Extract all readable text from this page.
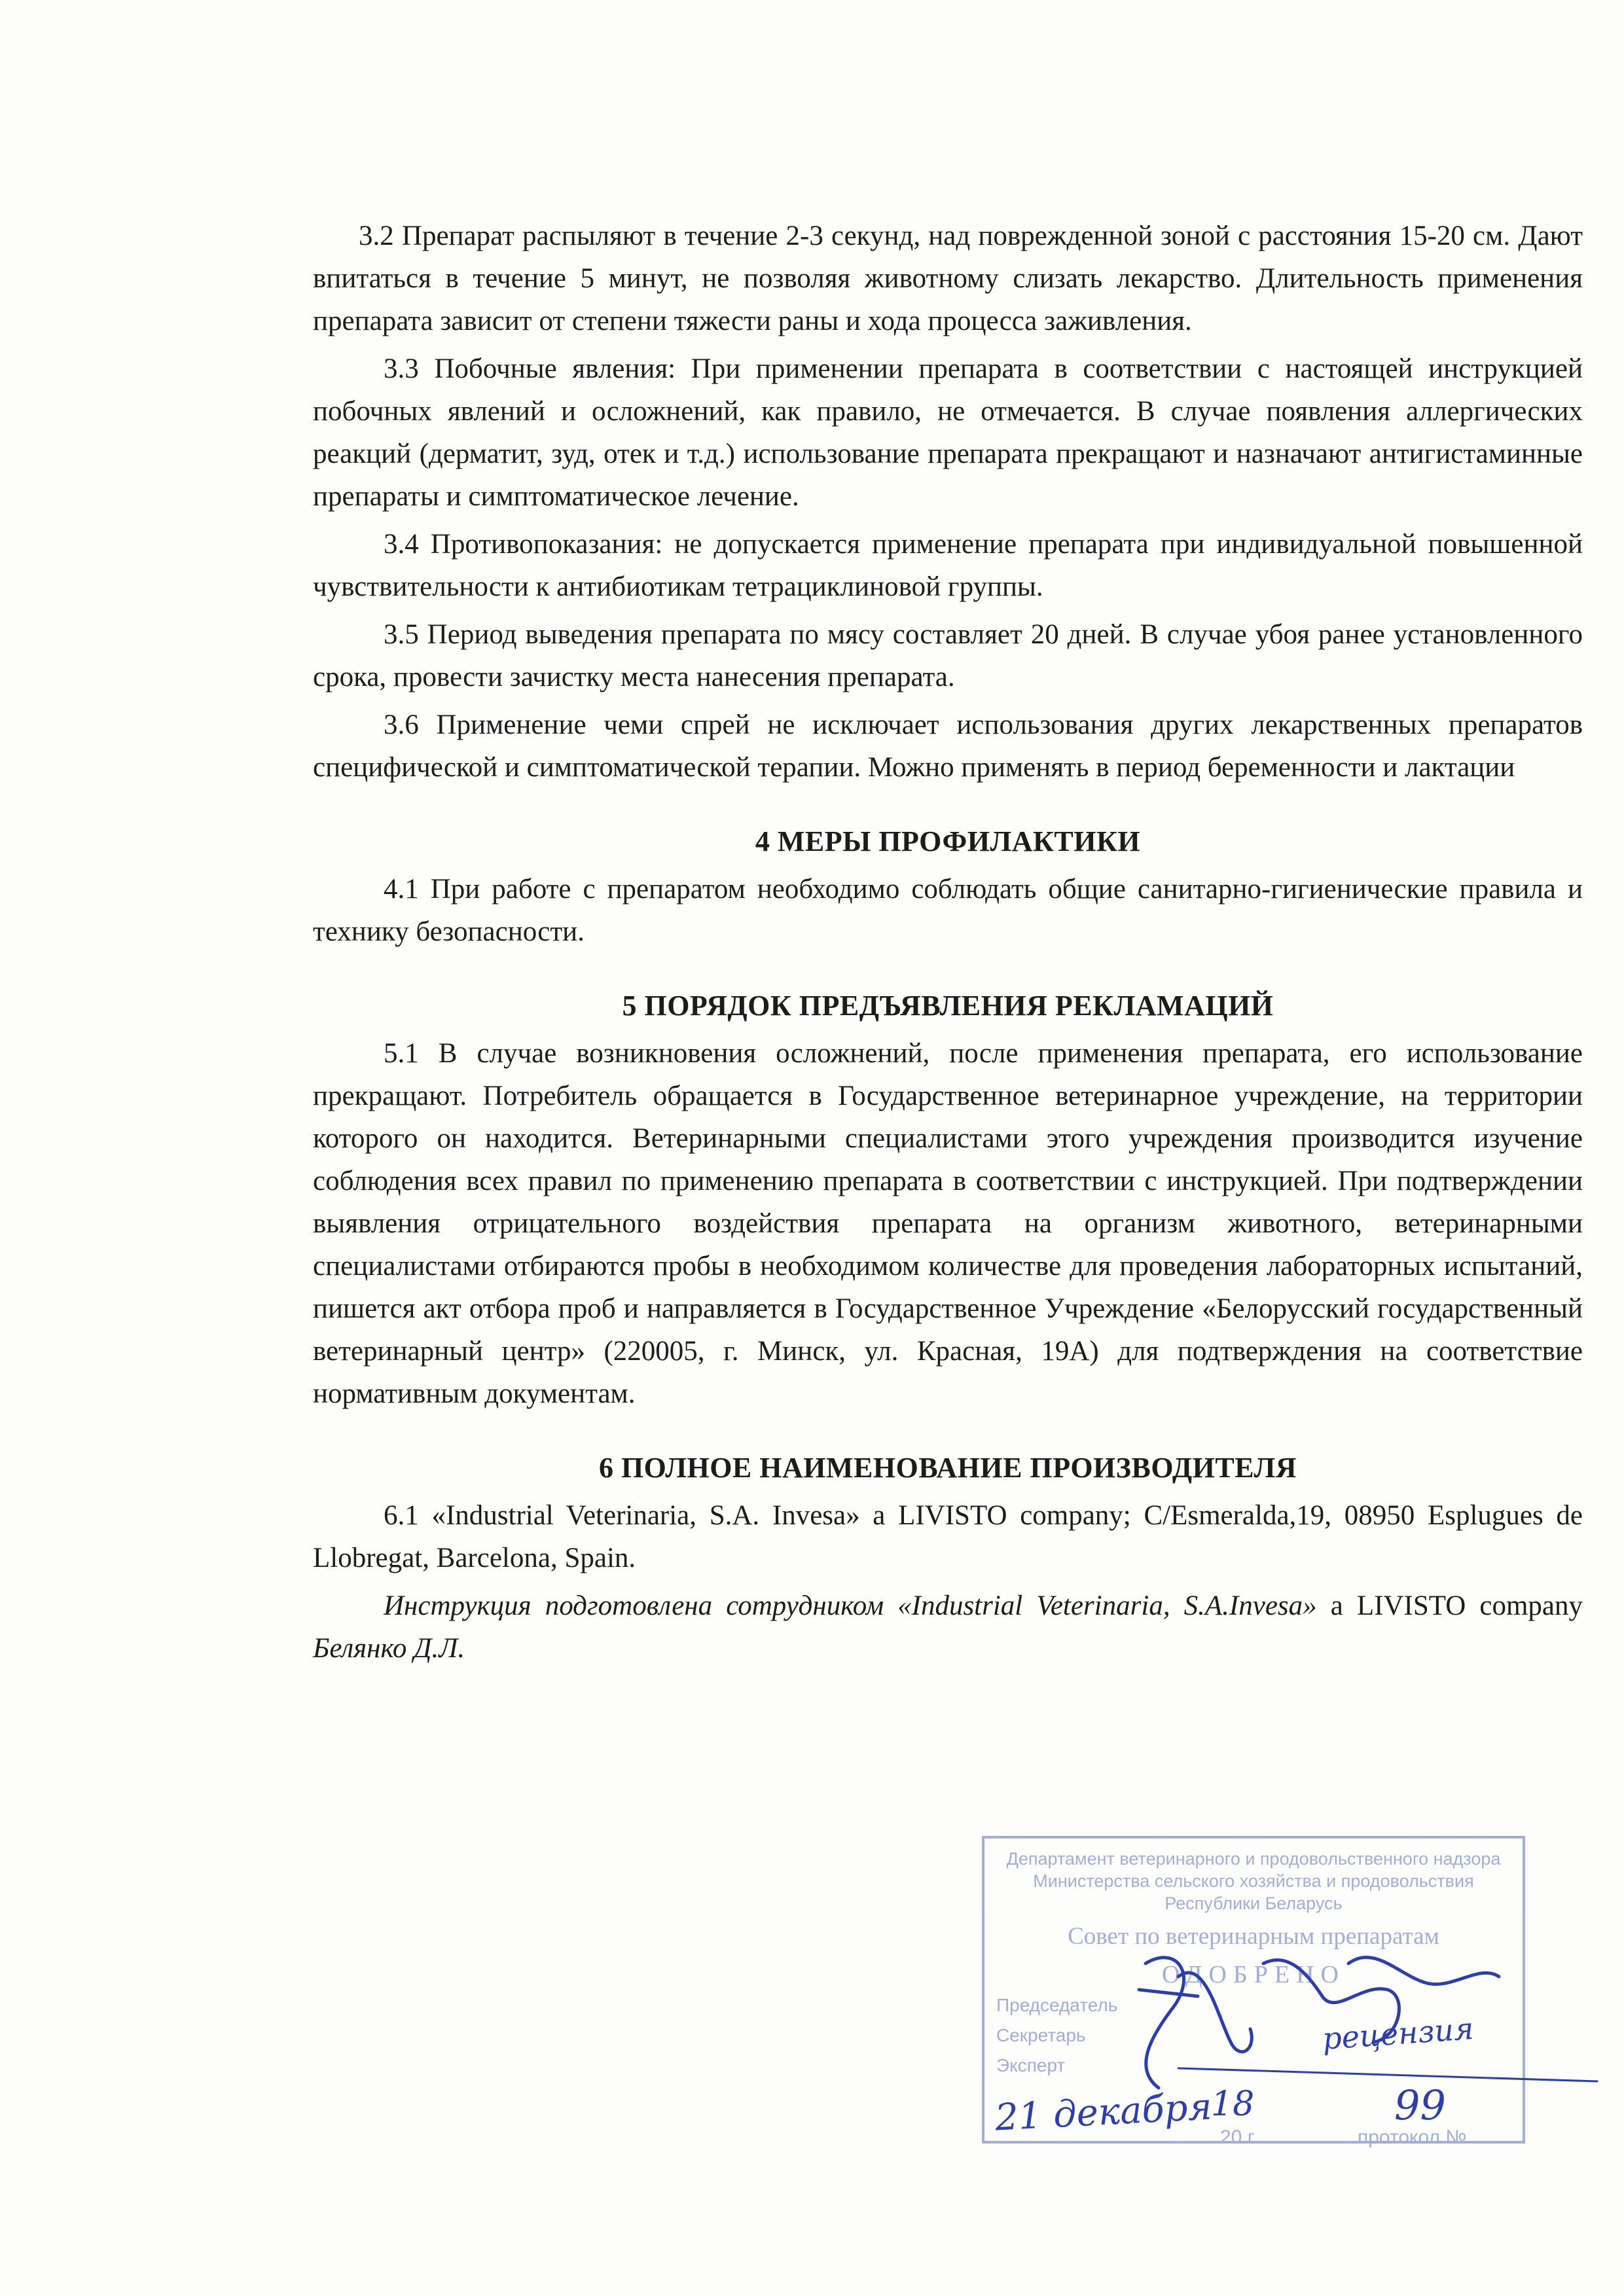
3.2 Препарат распыляют в течение 2-3 секунд, над поврежденной зоной с расстояния 15-20 см. Дают впитаться в течение 5 минут, не позволяя животному слизать лекарство. Длительность применения препарата зависит от степени тяжести раны и хода процесса заживления.

3.3 Побочные явления: При применении препарата в соответствии с настоящей инструкцией побочных явлений и осложнений, как правило, не отмечается. В случае появления аллергических реакций (дерматит, зуд, отек и т.д.) использование препарата прекращают и назначают антигистаминные препараты и симптоматическое лечение.

3.4 Противопоказания: не допускается применение препарата при индивидуальной повышенной чувствительности к антибиотикам тетрациклиновой группы.

3.5 Период выведения препарата по мясу составляет 20 дней. В случае убоя ранее установленного срока, провести зачистку места нанесения препарата.

3.6 Применение чеми спрей не исключает использования других лекарственных препаратов специфической и симптоматической терапии. Можно применять в период беременности и лактации

4 МЕРЫ ПРОФИЛАКТИКИ

4.1 При работе с препаратом необходимо соблюдать общие санитарно-гигиенические правила и технику безопасности.

5 ПОРЯДОК ПРЕДЪЯВЛЕНИЯ РЕКЛАМАЦИЙ

5.1 В случае возникновения осложнений, после применения препарата, его использование прекращают. Потребитель обращается в Государственное ветеринарное учреждение, на территории которого он находится. Ветеринарными специалистами этого учреждения производится изучение соблюдения всех правил по применению препарата в соответствии с инструкцией. При подтверждении выявления отрицательного воздействия препарата на организм животного, ветеринарными специалистами отбираются пробы в необходимом количестве для проведения лабораторных испытаний, пишется акт отбора проб и направляется в Государственное Учреждение «Белорусский государственный ветеринарный центр» (220005, г. Минск, ул. Красная, 19А) для подтверждения на соответствие нормативным документам.

6 ПОЛНОЕ НАИМЕНОВАНИЕ ПРОИЗВОДИТЕЛЯ

6.1 «Industrial Veterinaria, S.A. Invesa» a LIVISTO company; C/Esmeralda,19, 08950 Esplugues de Llobregat, Barcelona, Spain.

Инструкция подготовлена сотрудником «Industrial Veterinaria, S.A.Invesa» a LIVISTO company Белянко Д.Л.

Департамент ветеринарного и продовольственного надзора Министерства сельского хозяйства и продовольствия Республики Беларусь
Совет по ветеринарным препаратам
ОДОБРЕНО
Председатель
Секретарь
Эксперт
20 г.	протокол №
рецензия
21 декабря
18	99
